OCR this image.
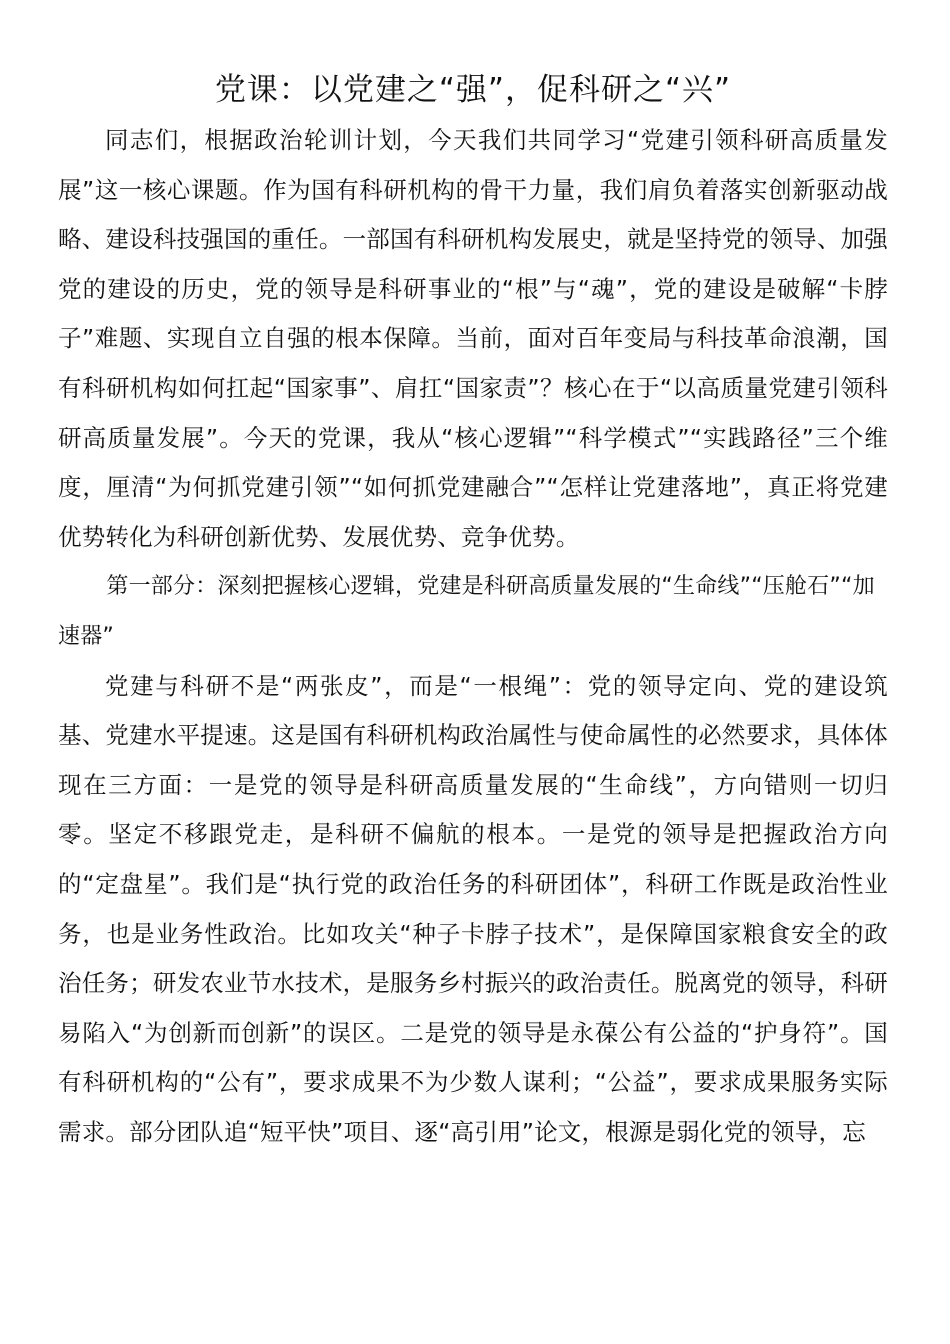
党课：以党建之“强”，促科研之“兴”

同志们，根据政治轮训计划，今天我们共同学习“党建引领科研高质量发展”这一核心课题。作为国有科研机构的骨干力量，我们肩负着落实创新驱动战略、建设科技强国的重任。一部国有科研机构发展史，就是坚持党的领导、加强党的建设的历史，党的领导是科研事业的“根”与“魂”，党的建设是破解“卡脖子”难题、实现自立自强的根本保障。当前，面对百年变局与科技革命浪潮，国有科研机构如何扛起“国家事”、肩扛“国家责”？核心在于“以高质量党建引领科研高质量发展”。今天的党课，我从“核心逻辑”“科学模式”“实践路径”三个维度，厘清“为何抓党建引领”“如何抓党建融合”“怎样让党建落地”，真正将党建优势转化为科研创新优势、发展优势、竞争优势。

第一部分：深刻把握核心逻辑，党建是科研高质量发展的“生命线”“压舱石”“加速器”

党建与科研不是“两张皮”，而是“一根绳”：党的领导定向、党的建设筑基、党建水平提速。这是国有科研机构政治属性与使命属性的必然要求，具体体现在三方面：一是党的领导是科研高质量发展的“生命线”，方向错则一切归零。坚定不移跟党走，是科研不偏航的根本。一是党的领导是把握政治方向的“定盘星”。我们是“执行党的政治任务的科研团体”，科研工作既是政治性业务，也是业务性政治。比如攻关“种子卡脖子技术”，是保障国家粮食安全的政治任务；研发农业节水技术，是服务乡村振兴的政治责任。脱离党的领导，科研易陷入“为创新而创新”的误区。二是党的领导是永葆公有公益的“护身符”。国有科研机构的“公有”，要求成果不为少数人谋利；“公益”，要求成果服务实际需求。部分团队追“短平快”项目、逐“高引用”论文，根源是弱化党的领导，忘
